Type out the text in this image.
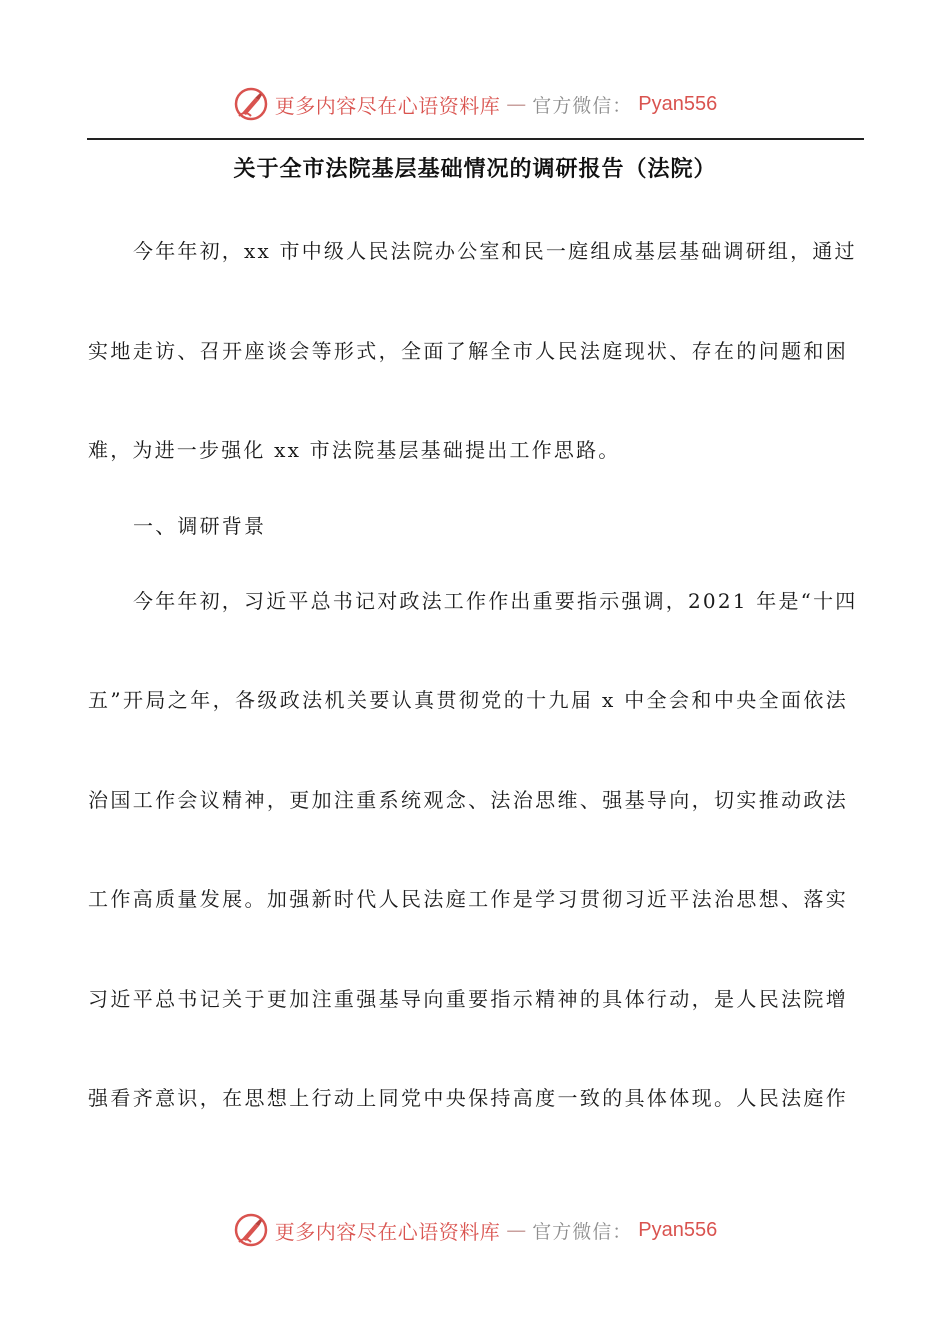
更多内容尽在心语资料库 — 官方微信： Pyan556
关于全市法院基层基础情况的调研报告（法院）
今年年初，xx 市中级人民法院办公室和民一庭组成基层基础调研组，通过
实地走访、召开座谈会等形式，全面了解全市人民法庭现状、存在的问题和困
难，为进一步强化 xx 市法院基层基础提出工作思路。
一、调研背景
今年年初，习近平总书记对政法工作作出重要指示强调，2021 年是“十四
五”开局之年，各级政法机关要认真贯彻党的十九届 x 中全会和中央全面依法
治国工作会议精神，更加注重系统观念、法治思维、强基导向，切实推动政法
工作高质量发展。加强新时代人民法庭工作是学习贯彻习近平法治思想、落实
习近平总书记关于更加注重强基导向重要指示精神的具体行动，是人民法院增
强看齐意识，在思想上行动上同党中央保持高度一致的具体体现。人民法庭作
更多内容尽在心语资料库 — 官方微信： Pyan556
